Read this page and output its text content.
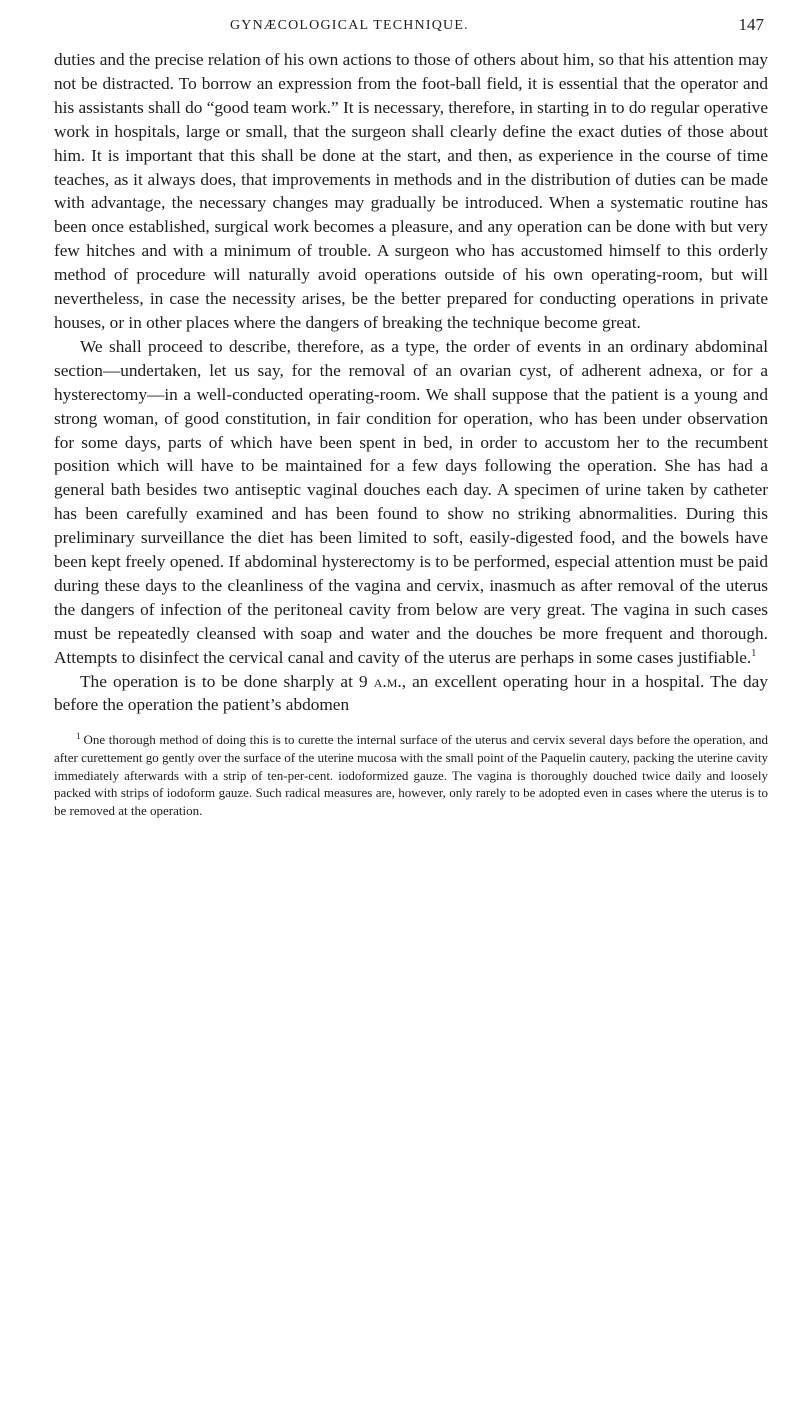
GYNÆCOLOGICAL TECHNIQUE.	147

duties and the precise relation of his own actions to those of others about him, so that his attention may not be distracted. To borrow an expression from the foot-ball field, it is essential that the operator and his assistants shall do “good team work.” It is necessary, therefore, in starting in to do regular operative work in hospitals, large or small, that the surgeon shall clearly define the exact duties of those about him. It is important that this shall be done at the start, and then, as experience in the course of time teaches, as it always does, that improvements in methods and in the distribution of duties can be made with advantage, the necessary changes may gradually be introduced. When a systematic routine has been once established, surgical work becomes a pleasure, and any operation can be done with but very few hitches and with a minimum of trouble. A surgeon who has accustomed himself to this orderly method of procedure will naturally avoid operations outside of his own operating-room, but will nevertheless, in case the necessity arises, be the better prepared for conducting operations in private houses, or in other places where the dangers of breaking the technique become great.

We shall proceed to describe, therefore, as a type, the order of events in an ordinary abdominal section—undertaken, let us say, for the removal of an ovarian cyst, of adherent adnexa, or for a hysterectomy—in a well-conducted operating-room. We shall suppose that the patient is a young and strong woman, of good constitution, in fair condition for operation, who has been under observation for some days, parts of which have been spent in bed, in order to accustom her to the recumbent position which will have to be maintained for a few days following the operation. She has had a general bath besides two antiseptic vaginal douches each day. A specimen of urine taken by catheter has been carefully examined and has been found to show no striking abnormalities. During this preliminary surveillance the diet has been limited to soft, easily-digested food, and the bowels have been kept freely opened. If abdominal hysterectomy is to be performed, especial attention must be paid during these days to the cleanliness of the vagina and cervix, inasmuch as after removal of the uterus the dangers of infection of the peritoneal cavity from below are very great. The vagina in such cases must be repeatedly cleansed with soap and water and the douches be more frequent and thorough. Attempts to disinfect the cervical canal and cavity of the uterus are perhaps in some cases justifiable.$^1$

The operation is to be done sharply at 9 a.m., an excellent operating hour in a hospital. The day before the operation the patient’s abdomen

$^1$ One thorough method of doing this is to curette the internal surface of the uterus and cervix several days before the operation, and after curettement go gently over the surface of the uterine mucosa with the small point of the Paquelin cautery, packing the uterine cavity immediately afterwards with a strip of ten-per-cent. iodoformized gauze. The vagina is thoroughly douched twice daily and loosely packed with strips of iodoform gauze. Such radical measures are, however, only rarely to be adopted even in cases where the uterus is to be removed at the operation.
